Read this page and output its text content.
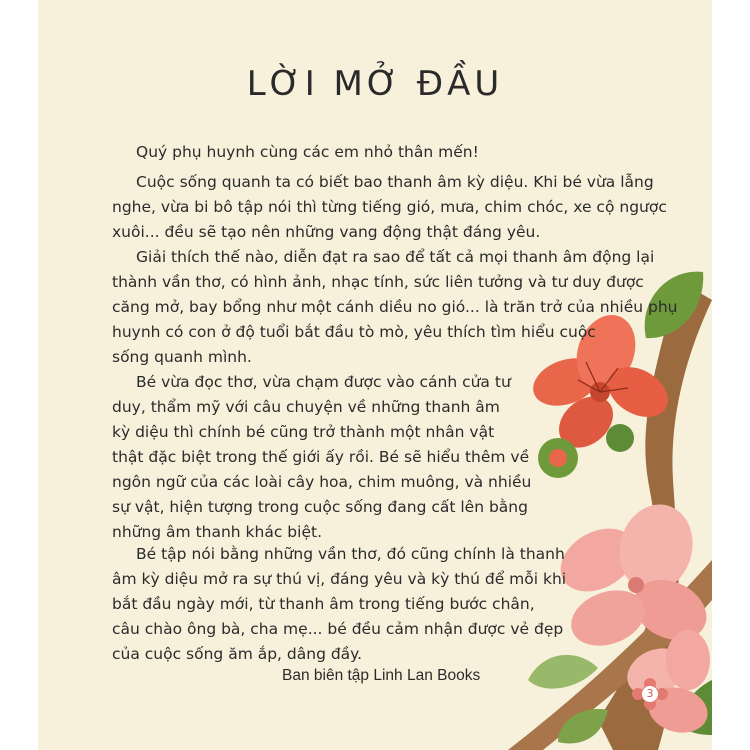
3
LỜI MỞ ĐẦU

Quý phụ huynh cùng các em nhỏ thân mến!

Cuộc sống quanh ta có biết bao thanh âm kỳ diệu. Khi bé vừa lẫng
nghe, vừa bi bô tập nói thì từng tiếng gió, mưa, chim chóc, xe cộ ngược
xuôi... đều sẽ tạo nên những vang động thật đáng yêu.

Giải thích thế nào, diễn đạt ra sao để tất cả mọi thanh âm động lại
thành vần thơ, có hình ảnh, nhạc tính, sức liên tưởng và tư duy được
căng mở, bay bổng như một cánh diều no gió... là trăn trở của nhiều phụ
huynh có con ở độ tuổi bắt đầu tò mò, yêu thích tìm hiểu cuộc
sống quanh mình.

Bé vừa đọc thơ, vừa chạm được vào cánh cửa tư
duy, thẩm mỹ với câu chuyện về những thanh âm
kỳ diệu thì chính bé cũng trở thành một nhân vật
thật đặc biệt trong thế giới ấy rồi. Bé sẽ hiểu thêm về
ngôn ngữ của các loài cây hoa, chim muông, và nhiều
sự vật, hiện tượng trong cuộc sống đang cất lên bằng
những âm thanh khác biệt.

Bé tập nói bằng những vần thơ, đó cũng chính là thanh
âm kỳ diệu mở ra sự thú vị, đáng yêu và kỳ thú để mỗi khi
bắt đầu ngày mới, từ thanh âm trong tiếng bước chân,
câu chào ông bà, cha mẹ... bé đều cảm nhận được vẻ đẹp
của cuộc sống ăm ắp, dâng đầy.

Ban biên tập Linh Lan Books
